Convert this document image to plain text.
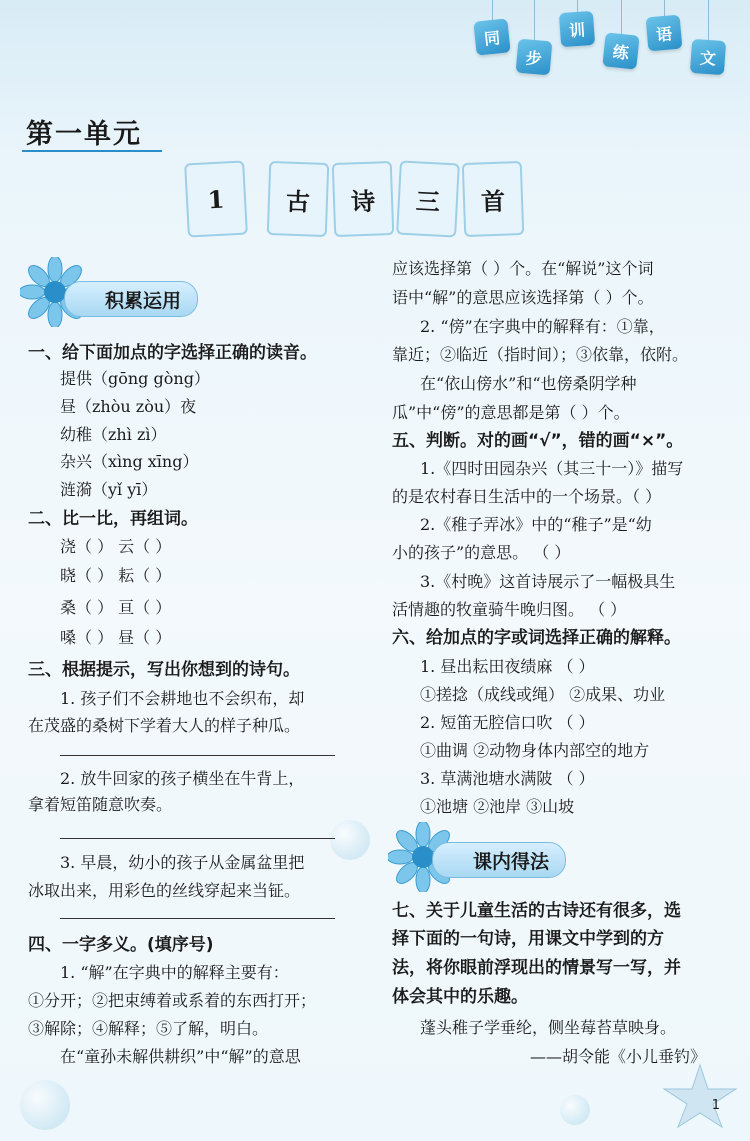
同
步
训
练
语
文
第一单元
1	古	诗	三	首
积累运用
课内得法
一、给下面加点的字选择正确的读音。
提供（gōng gòng）
昼（zhòu zòu）夜
幼稚（zhì zì）
杂兴（xìng xīng）
涟漪（yǐ yī）
二、比一比，再组词。
浇（ ） 云（ ）
晓（ ） 耘（ ）
桑（ ） 亘（ ）
嗓（ ） 昼（ ）
三、根据提示，写出你想到的诗句。
1. 孩子们不会耕地也不会织布，却
在茂盛的桑树下学着大人的样子种瓜。
2. 放牛回家的孩子横坐在牛背上，
拿着短笛随意吹奏。
3. 早晨，幼小的孩子从金属盆里把
冰取出来，用彩色的丝线穿起来当钲。
四、一字多义。(填序号)
1. “解”在字典中的解释主要有：
①分开；②把束缚着或系着的东西打开；
③解除；④解释；⑤了解，明白。
在“童孙未解供耕织”中“解”的意思
应该选择第（ ）个。在“解说”这个词
语中“解”的意思应该选择第（ ）个。
2. “傍”在字典中的解释有：①靠，
靠近；②临近（指时间）；③依靠，依附。
在“依山傍水”和“也傍桑阴学种
瓜”中“傍”的意思都是第（ ）个。
五、判断。对的画“√”，错的画“×”。
1.《四时田园杂兴（其三十一）》描写
的是农村春日生活中的一个场景。（ ）
2.《稚子弄冰》中的“稚子”是“幼
小的孩子”的意思。 （ ）
3.《村晚》这首诗展示了一幅极具生
活情趣的牧童骑牛晚归图。 （ ）
六、给加点的字或词选择正确的解释。
1. 昼出耘田夜绩麻 （ ）
①搓捻（成线或绳） ②成果、功业
2. 短笛无腔信口吹 （ ）
①曲调 ②动物身体内部空的地方
3. 草满池塘水满陂 （ ）
①池塘 ②池岸 ③山坡
七、关于儿童生活的古诗还有很多，选
择下面的一句诗，用课文中学到的方
法，将你眼前浮现出的情景写一写，并
体会其中的乐趣。
蓬头稚子学垂纶，侧坐莓苔草映身。
——胡令能《小儿垂钓》
1
